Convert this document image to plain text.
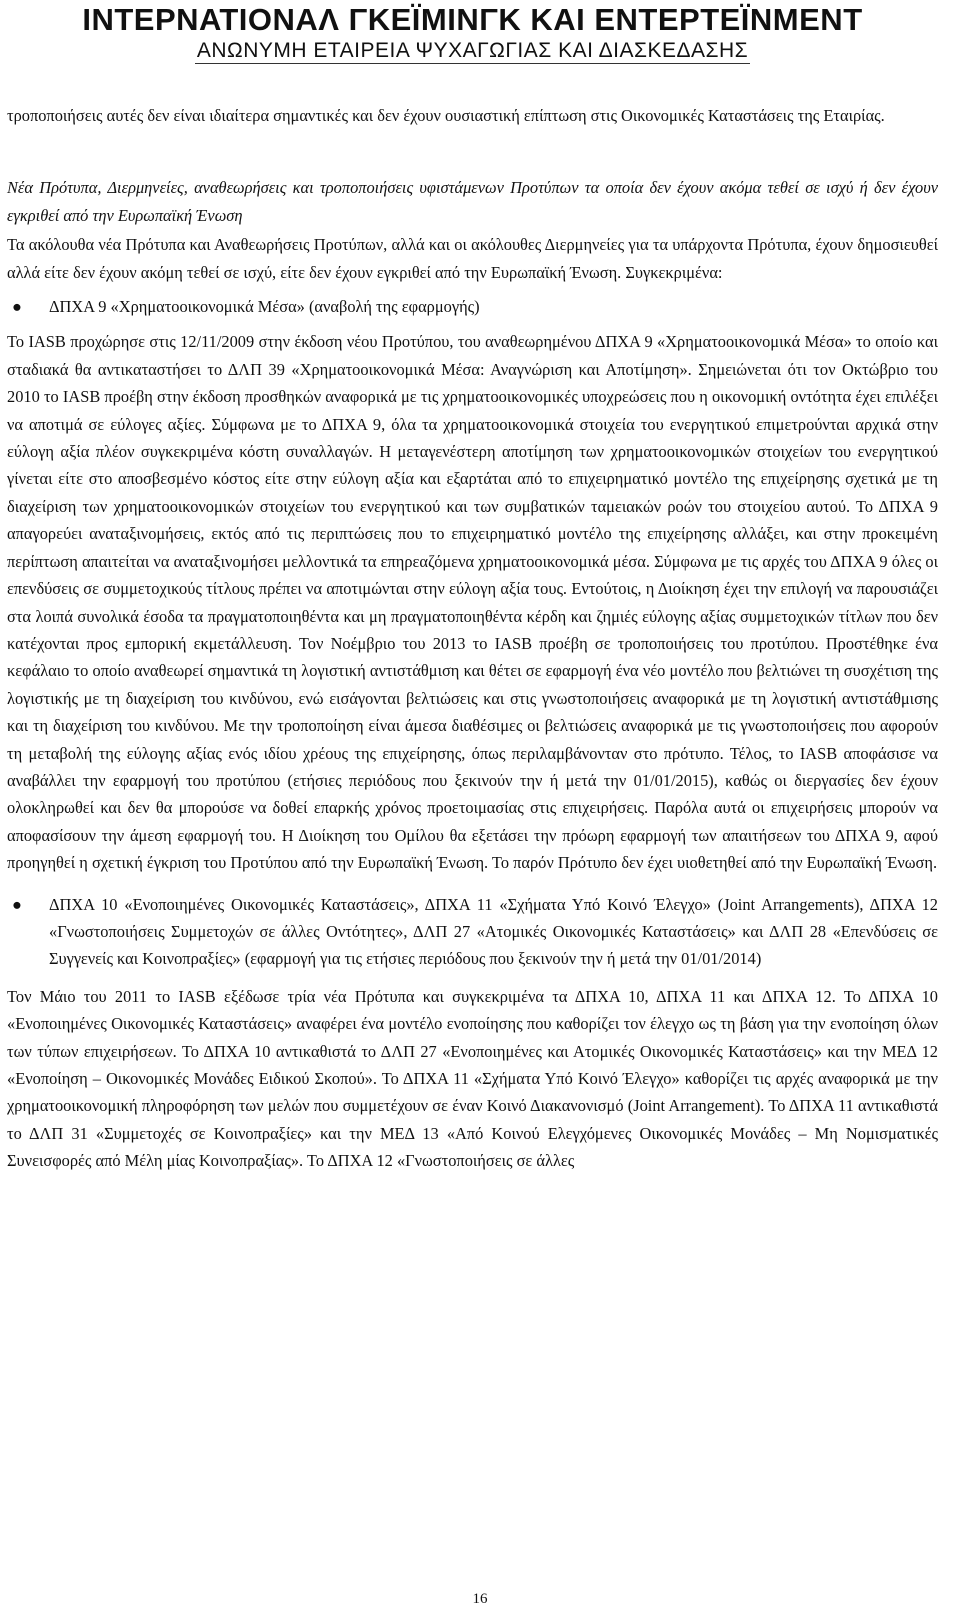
ΙΝΤΕΡΝΑΤΙΟΝΑΛ ΓΚΕΪΜΙΝΓΚ ΚΑΙ ΕΝΤΕΡΤΕΪΝΜΕΝΤ
ΑΝΩΝΥΜΗ ΕΤΑΙΡΕΙΑ ΨΥΧΑΓΩΓΙΑΣ ΚΑΙ ΔΙΑΣΚΕΔΑΣΗΣ

τροποποιήσεις αυτές δεν είναι ιδιαίτερα σημαντικές και δεν έχουν ουσιαστική επίπτωση στις Οικονομικές Καταστάσεις της Εταιρίας.

Νέα Πρότυπα, Διερμηνείες, αναθεωρήσεις και τροποποιήσεις υφιστάμενων Προτύπων τα οποία δεν έχουν ακόμα τεθεί σε ισχύ ή δεν έχουν εγκριθεί από την Ευρωπαϊκή Ένωση

Τα ακόλουθα νέα Πρότυπα και Αναθεωρήσεις Προτύπων, αλλά και οι ακόλουθες Διερμηνείες για τα υπάρχοντα Πρότυπα, έχουν δημοσιευθεί αλλά είτε δεν έχουν ακόμη τεθεί σε ισχύ, είτε δεν έχουν εγκριθεί από την Ευρωπαϊκή Ένωση. Συγκεκριμένα:

● ΔΠΧΑ 9 «Χρηματοοικονομικά Μέσα» (αναβολή της εφαρμογής)

Το IASB προχώρησε στις 12/11/2009 στην έκδοση νέου Προτύπου, του αναθεωρημένου ΔΠΧΑ 9 «Χρηματοοικονομικά Μέσα» το οποίο και σταδιακά θα αντικαταστήσει το ΔΛΠ 39 «Χρηματοοικονομικά Μέσα: Αναγνώριση και Αποτίμηση». Σημειώνεται ότι τον Οκτώβριο του 2010 το IASB προέβη στην έκδοση προσθηκών αναφορικά με τις χρηματοοικονομικές υποχρεώσεις που η οικονομική οντότητα έχει επιλέξει να αποτιμά σε εύλογες αξίες. Σύμφωνα με το ΔΠΧΑ 9, όλα τα χρηματοοικονομικά στοιχεία του ενεργητικού επιμετρούνται αρχικά στην εύλογη αξία πλέον συγκεκριμένα κόστη συναλλαγών. Η μεταγενέστερη αποτίμηση των χρηματοοικονομικών στοιχείων του ενεργητικού γίνεται είτε στο αποσβεσμένο κόστος είτε στην εύλογη αξία και εξαρτάται από το επιχειρηματικό μοντέλο της επιχείρησης σχετικά με τη διαχείριση των χρηματοοικονομικών στοιχείων του ενεργητικού και των συμβατικών ταμειακών ροών του στοιχείου αυτού. Το ΔΠΧΑ 9 απαγορεύει αναταξινομήσεις, εκτός από τις περιπτώσεις που το επιχειρηματικό μοντέλο της επιχείρησης αλλάξει, και στην προκειμένη περίπτωση απαιτείται να αναταξινομήσει μελλοντικά τα επηρεαζόμενα χρηματοοικονομικά μέσα. Σύμφωνα με τις αρχές του ΔΠΧΑ 9 όλες οι επενδύσεις σε συμμετοχικούς τίτλους πρέπει να αποτιμώνται στην εύλογη αξία τους. Εντούτοις, η Διοίκηση έχει την επιλογή να παρουσιάζει στα λοιπά συνολικά έσοδα τα πραγματοποιηθέντα και μη πραγματοποιηθέντα κέρδη και ζημιές εύλογης αξίας συμμετοχικών τίτλων που δεν κατέχονται προς εμπορική εκμετάλλευση. Τον Νοέμβριο του 2013 το IASB προέβη σε τροποποιήσεις του προτύπου. Προστέθηκε ένα κεφάλαιο το οποίο αναθεωρεί σημαντικά τη λογιστική αντιστάθμιση και θέτει σε εφαρμογή ένα νέο μοντέλο που βελτιώνει τη συσχέτιση της λογιστικής με τη διαχείριση του κινδύνου, ενώ εισάγονται βελτιώσεις και στις γνωστοποιήσεις αναφορικά με τη λογιστική αντιστάθμισης και τη διαχείριση του κινδύνου. Με την τροποποίηση είναι άμεσα διαθέσιμες οι βελτιώσεις αναφορικά με τις γνωστοποιήσεις που αφορούν τη μεταβολή της εύλογης αξίας ενός ιδίου χρέους της επιχείρησης, όπως περιλαμβάνονταν στο πρότυπο. Τέλος, το IASB αποφάσισε να αναβάλλει την εφαρμογή του προτύπου (ετήσιες περιόδους που ξεκινούν την ή μετά την 01/01/2015), καθώς οι διεργασίες δεν έχουν ολοκληρωθεί και δεν θα μπορούσε να δοθεί επαρκής χρόνος προετοιμασίας στις επιχειρήσεις. Παρόλα αυτά οι επιχειρήσεις μπορούν να αποφασίσουν την άμεση εφαρμογή του. Η Διοίκηση του Ομίλου θα εξετάσει την πρόωρη εφαρμογή των απαιτήσεων του ΔΠΧΑ 9, αφού προηγηθεί η σχετική έγκριση του Προτύπου από την Ευρωπαϊκή Ένωση. Το παρόν Πρότυπο δεν έχει υιοθετηθεί από την Ευρωπαϊκή Ένωση.

● ΔΠΧΑ 10 «Ενοποιημένες Οικονομικές Καταστάσεις», ΔΠΧΑ 11 «Σχήματα Υπό Κοινό Έλεγχο» (Joint Arrangements), ΔΠΧΑ 12 «Γνωστοποιήσεις Συμμετοχών σε άλλες Οντότητες», ΔΛΠ 27 «Ατομικές Οικονομικές Καταστάσεις» και ΔΛΠ 28 «Επενδύσεις σε Συγγενείς και Κοινοπραξίες» (εφαρμογή για τις ετήσιες περιόδους που ξεκινούν την ή μετά την 01/01/2014)

Τον Μάιο του 2011 το IASB εξέδωσε τρία νέα Πρότυπα και συγκεκριμένα τα ΔΠΧΑ 10, ΔΠΧΑ 11 και ΔΠΧΑ 12. Το ΔΠΧΑ 10 «Ενοποιημένες Οικονομικές Καταστάσεις» αναφέρει ένα μοντέλο ενοποίησης που καθορίζει τον έλεγχο ως τη βάση για την ενοποίηση όλων των τύπων επιχειρήσεων. Το ΔΠΧΑ 10 αντικαθιστά το ΔΛΠ 27 «Ενοποιημένες και Ατομικές Οικονομικές Καταστάσεις» και την ΜΕΔ 12 «Ενοποίηση – Οικονομικές Μονάδες Ειδικού Σκοπού». Το ΔΠΧΑ 11 «Σχήματα Υπό Κοινό Έλεγχο» καθορίζει τις αρχές αναφορικά με την χρηματοοικονομική πληροφόρηση των μελών που συμμετέχουν σε έναν Κοινό Διακανονισμό (Joint Arrangement). Το ΔΠΧΑ 11 αντικαθιστά το ΔΛΠ 31 «Συμμετοχές σε Κοινοπραξίες» και την ΜΕΔ 13 «Από Κοινού Ελεγχόμενες Οικονομικές Μονάδες – Μη Νομισματικές Συνεισφορές από Μέλη μίας Κοινοπραξίας». Το ΔΠΧΑ 12 «Γνωστοποιήσεις σε άλλες

16
